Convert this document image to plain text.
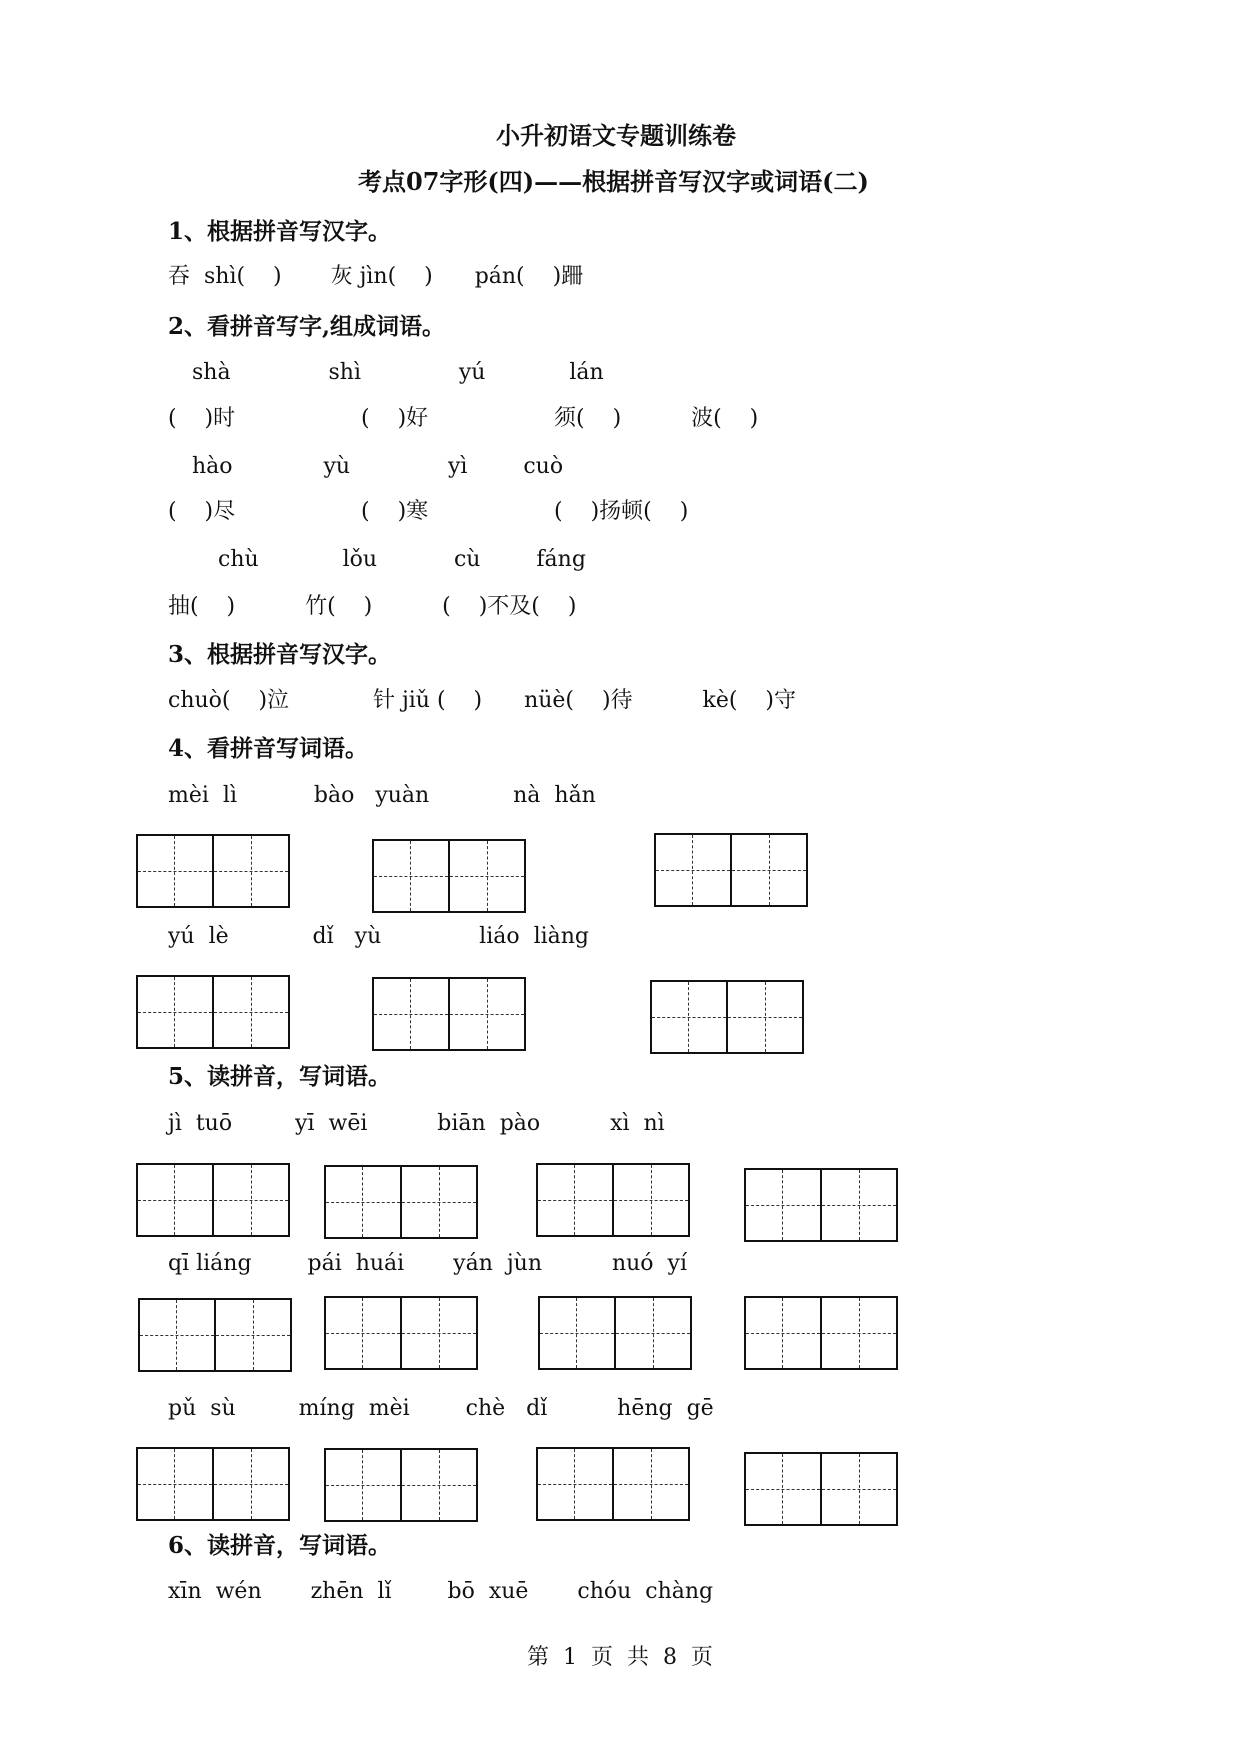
小升初语文专题训练卷
考点07字形(四)——根据拼音写汉字或词语(二)
1、根据拼音写汉字。
吞  shì(    )       灰 jìn(    )      pán(    )跚
2、看拼音写字,组成词语。
shà              shì              yú            lán
(    )时                  (    )好                  须(    )          波(    )
hào             yù              yì        cuò
(    )尽                  (    )寒                  (    )扬顿(    )
chù            lǒu           cù        fáng
抽(    )          竹(    )          (    )不及(    )
3、根据拼音写汉字。
chuò(    )泣            针 jiǔ (    )      nüè(    )待          kè(    )守
4、看拼音写词语。
mèi  lì           bào   yuàn            nà  hǎn
yú  lè            dǐ   yù              liáo  liàng
5、读拼音，写词语。
jì  tuō         yī  wēi          biān  pào          xì  nì
qī liáng        pái  huái       yán  jùn          nuó  yí
pǔ  sù         míng  mèi        chè   dǐ          hēng  gē
6、读拼音，写词语。
xīn  wén       zhēn  lǐ        bō  xuē       chóu  chàng
第  1  页  共  8  页
